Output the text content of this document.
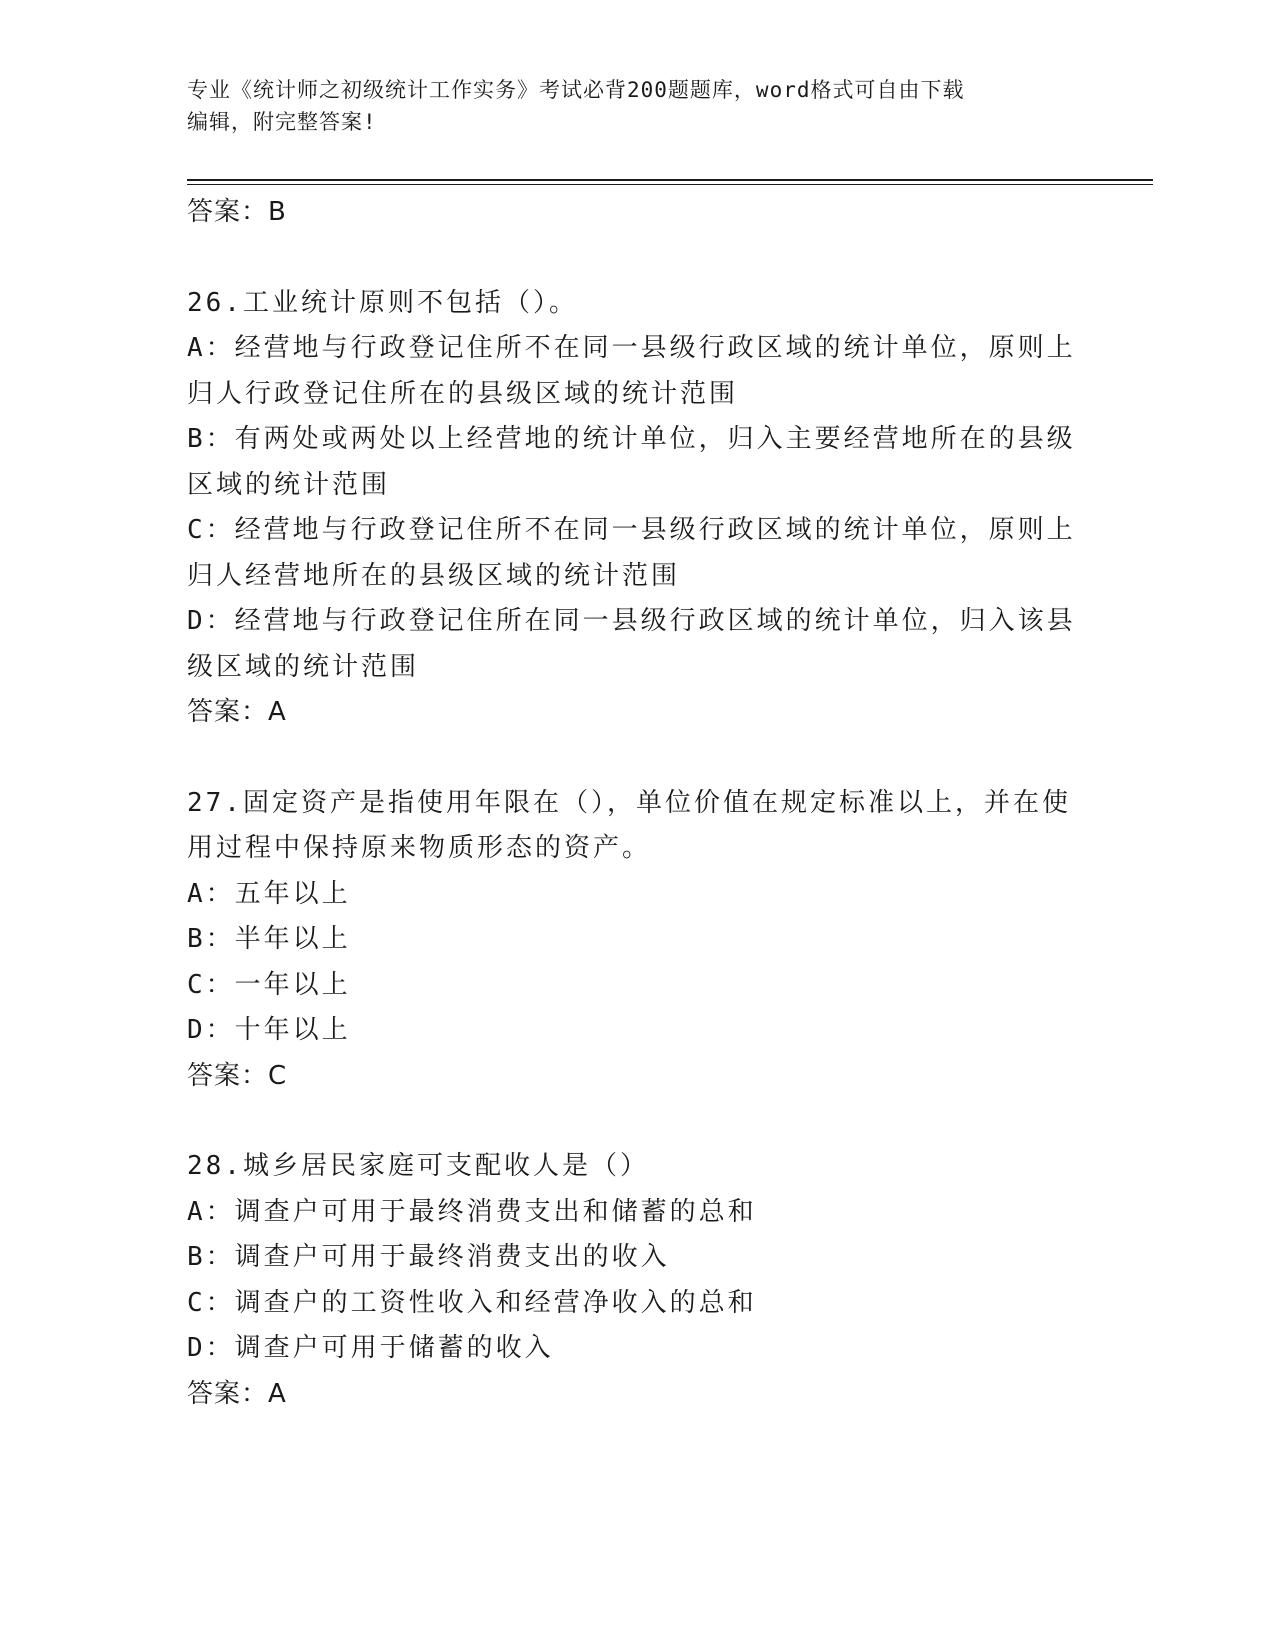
专业《统计师之初级统计工作实务》考试必背200题题库，word格式可自由下载
编辑，附完整答案!
答案：B
26.工业统计原则不包括（）。
A：经营地与行政登记住所不在同一县级行政区域的统计单位，原则上
归人行政登记住所在的县级区域的统计范围
B：有两处或两处以上经营地的统计单位，归入主要经营地所在的县级
区域的统计范围
C：经营地与行政登记住所不在同一县级行政区域的统计单位，原则上
归人经营地所在的县级区域的统计范围
D：经营地与行政登记住所在同一县级行政区域的统计单位，归入该县
级区域的统计范围
答案：A
27.固定资产是指使用年限在（），单位价值在规定标准以上，并在使
用过程中保持原来物质形态的资产。
A：五年以上
B：半年以上
C：一年以上
D：十年以上
答案：C
28.城乡居民家庭可支配收人是（）
A：调查户可用于最终消费支出和储蓄的总和
B：调查户可用于最终消费支出的收入
C：调查户的工资性收入和经营净收入的总和
D：调查户可用于储蓄的收入
答案：A
